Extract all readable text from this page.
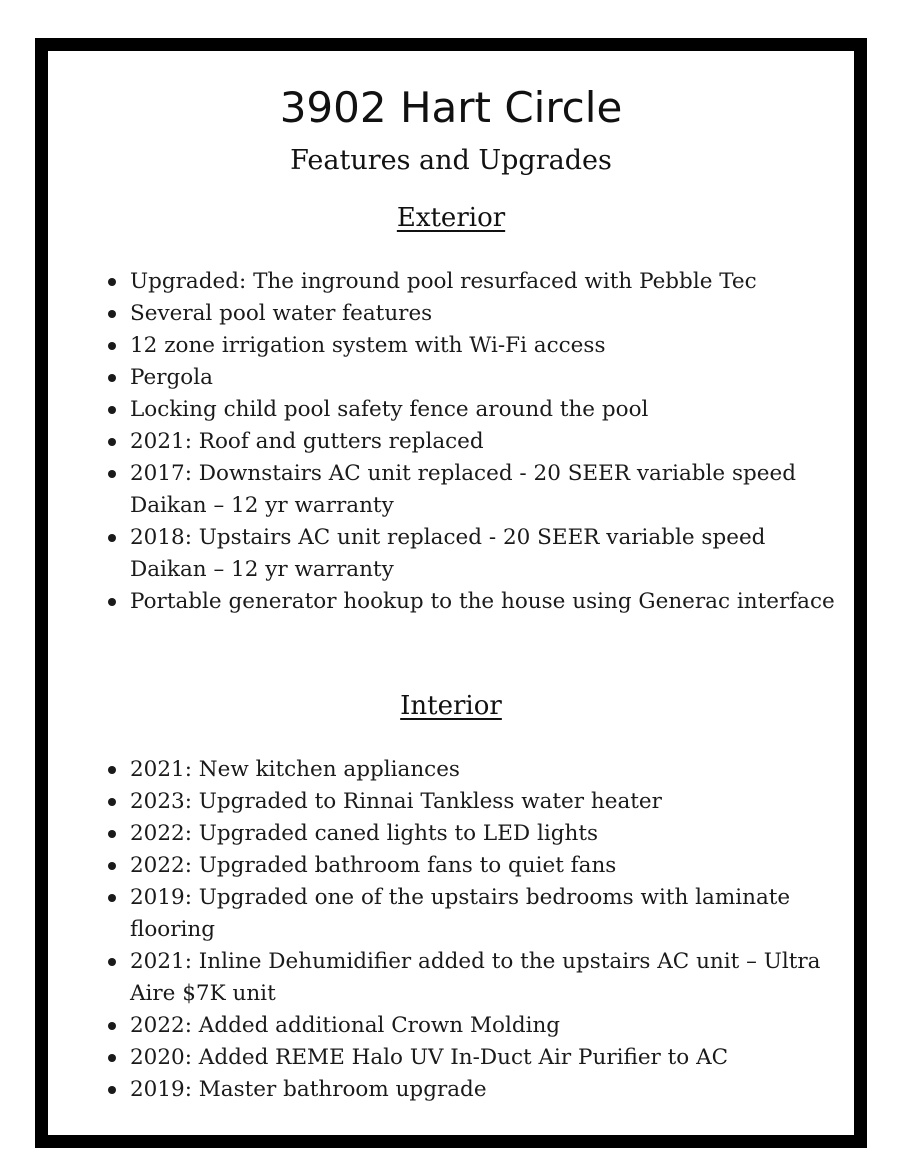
3902 Hart Circle
Features and Upgrades
Exterior
Upgraded: The inground pool resurfaced with Pebble Tec
Several pool water features
12 zone irrigation system with Wi-Fi access
Pergola
Locking child pool safety fence around the pool
2021: Roof and gutters replaced
2017: Downstairs AC unit replaced - 20 SEER variable speed Daikan – 12 yr warranty
2018: Upstairs AC unit replaced - 20 SEER variable speed Daikan – 12 yr warranty
Portable generator hookup to the house using Generac interface
Interior
2021: New kitchen appliances
2023: Upgraded to Rinnai Tankless water heater
2022: Upgraded caned lights to LED lights
2022: Upgraded bathroom fans to quiet fans
2019: Upgraded one of the upstairs bedrooms with laminate flooring
2021: Inline Dehumidifier added to the upstairs AC unit – Ultra Aire $7K unit
2022: Added additional Crown Molding
2020: Added REME Halo UV In-Duct Air Purifier to AC
2019: Master bathroom upgrade
